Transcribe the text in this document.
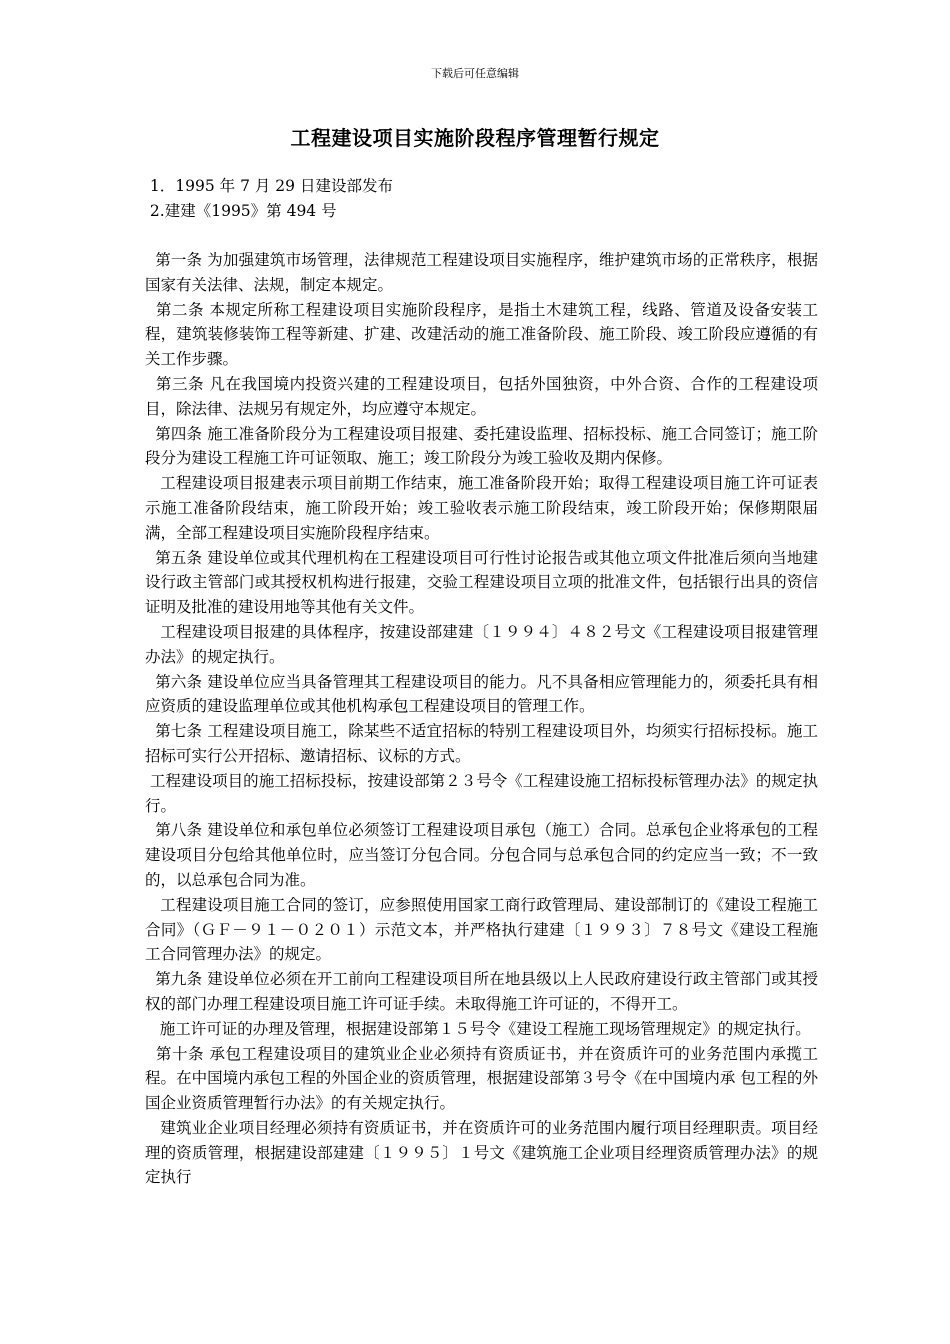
下载后可任意编辑
工程建设项目实施阶段程序管理暂行规定
1．1995 年 7 月 29 日建设部发布
2.建建《1995》第 494 号

第一条 为加强建筑市场管理，法律规范工程建设项目实施程序，维护建筑市场的正常秩序，根据国家有关法律、法规，制定本规定。

第二条 本规定所称工程建设项目实施阶段程序，是指土木建筑工程，线路、管道及设备安装工程，建筑装修装饰工程等新建、扩建、改建活动的施工准备阶段、施工阶段、竣工阶段应遵循的有关工作步骤。

第三条 凡在我国境内投资兴建的工程建设项目，包括外国独资，中外合资、合作的工程建设项目，除法律、法规另有规定外，均应遵守本规定。

第四条 施工准备阶段分为工程建设项目报建、委托建设监理、招标投标、施工合同签订；施工阶段分为建设工程施工许可证领取、施工；竣工阶段分为竣工验收及期内保修。

工程建设项目报建表示项目前期工作结束，施工准备阶段开始；取得工程建设项目施工许可证表示施工准备阶段结束，施工阶段开始；竣工验收表示施工阶段结束，竣工阶段开始；保修期限届满，全部工程建设项目实施阶段程序结束。

第五条 建设单位或其代理机构在工程建设项目可行性讨论报告或其他立项文件批准后须向当地建设行政主管部门或其授权机构进行报建，交验工程建设项目立项的批准文件，包括银行出具的资信证明及批准的建设用地等其他有关文件。

工程建设项目报建的具体程序，按建设部建建〔１９９４〕４８２号文《工程建设项目报建管理办法》的规定执行。

第六条 建设单位应当具备管理其工程建设项目的能力。凡不具备相应管理能力的，须委托具有相应资质的建设监理单位或其他机构承包工程建设项目的管理工作。

第七条 工程建设项目施工，除某些不适宜招标的特别工程建设项目外，均须实行招标投标。施工招标可实行公开招标、邀请招标、议标的方式。

工程建设项目的施工招标投标，按建设部第２３号令《工程建设施工招标投标管理办法》的规定执行。

第八条 建设单位和承包单位必须签订工程建设项目承包（施工）合同。总承包企业将承包的工程建设项目分包给其他单位时，应当签订分包合同。分包合同与总承包合同的约定应当一致；不一致的，以总承包合同为准。

工程建设项目施工合同的签订，应参照使用国家工商行政管理局、建设部制订的《建设工程施工合同》（ＧＦ－９１－０２０１）示范文本，并严格执行建建〔１９９３〕７８号文《建设工程施工合同管理办法》的规定。

第九条 建设单位必须在开工前向工程建设项目所在地县级以上人民政府建设行政主管部门或其授权的部门办理工程建设项目施工许可证手续。未取得施工许可证的，不得开工。

施工许可证的办理及管理，根据建设部第１５号令《建设工程施工现场管理规定》的规定执行。

第十条 承包工程建设项目的建筑业企业必须持有资质证书，并在资质许可的业务范围内承揽工 程。在中国境内承包工程的外国企业的资质管理，根据建设部第３号令《在中国境内承 包工程的外国企业资质管理暂行办法》的有关规定执行。

建筑业企业项目经理必须持有资质证书，并在资质许可的业务范围内履行项目经理职责。项目经理的资质管理，根据建设部建建〔１９９５〕１号文《建筑施工企业项目经理资质管理办法》的规定执行
